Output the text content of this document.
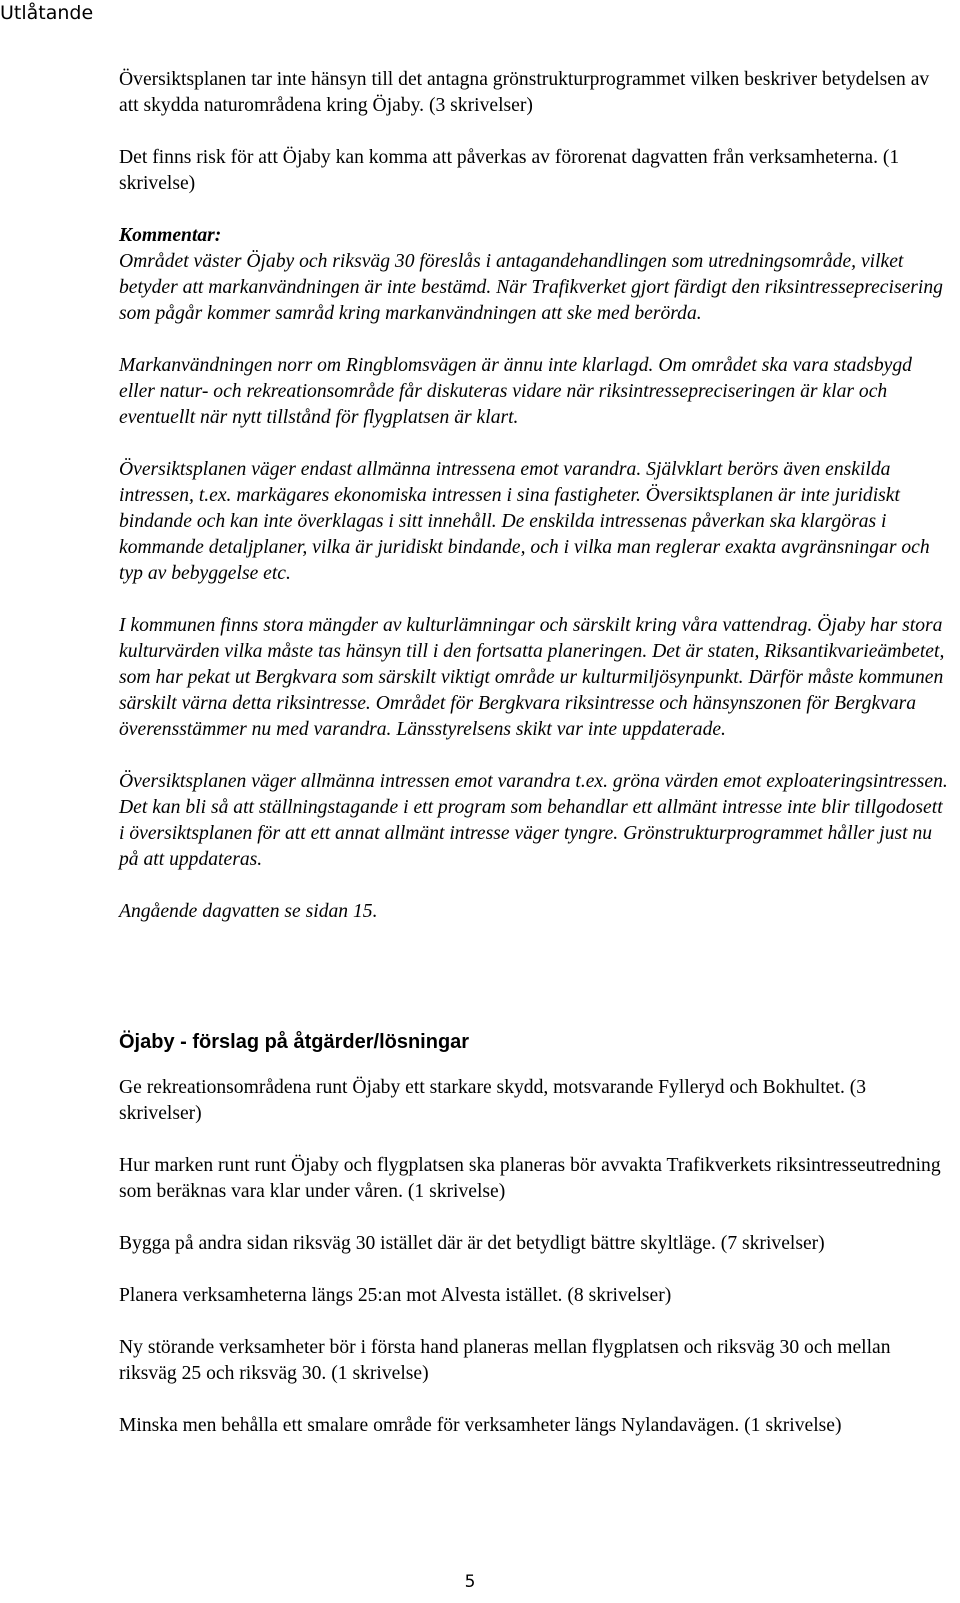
Utlåtande

Översiktsplanen tar inte hänsyn till det antagna grönstrukturprogrammet vilken beskriver betydelsen av att skydda naturområdena kring Öjaby. (3 skrivelser)

Det finns risk för att Öjaby kan komma att påverkas av förorenat dagvatten från verksamheterna. (1 skrivelse)

Kommentar:

Området väster Öjaby och riksväg 30 föreslås i antagandehandlingen som utredningsområde, vilket betyder att markanvändningen är inte bestämd. När Trafikverket gjort färdigt den riksintresseprecisering som pågår kommer samråd kring markanvändningen att ske med berörda.

Markanvändningen norr om Ringblomsvägen är ännu inte klarlagd. Om området ska vara stadsbygd eller natur- och rekreationsområde får diskuteras vidare när riksintressepreciseringen är klar och eventuellt när nytt tillstånd för flygplatsen är klart.

Översiktsplanen väger endast allmänna intressena emot varandra. Självklart berörs även enskilda intressen, t.ex. markägares ekonomiska intressen i sina fastigheter. Översiktsplanen är inte juridiskt bindande och kan inte överklagas i sitt innehåll. De enskilda intressenas påverkan ska klargöras i kommande detaljplaner, vilka är juridiskt bindande, och i vilka man reglerar exakta avgränsningar och typ av bebyggelse etc.

I kommunen finns stora mängder av kulturlämningar och särskilt kring våra vattendrag. Öjaby har stora kulturvärden vilka måste tas hänsyn till i den fortsatta planeringen. Det är staten, Riksantikvarieämbetet, som har pekat ut Bergkvara som särskilt viktigt område ur kulturmiljösynpunkt. Därför måste kommunen särskilt värna detta riksintresse. Området för Bergkvara riksintresse och hänsynszonen för Bergkvara överensstämmer nu med varandra. Länsstyrelsens skikt var inte uppdaterade.

Översiktsplanen väger allmänna intressen emot varandra t.ex. gröna värden emot exploateringsintressen. Det kan bli så att ställningstagande i ett program som behandlar ett allmänt intresse inte blir tillgodosett i översiktsplanen för att ett annat allmänt intresse väger tyngre. Grönstrukturprogrammet håller just nu på att uppdateras.

Angående dagvatten se sidan 15.

Öjaby - förslag på åtgärder/lösningar

Ge rekreationsområdena runt Öjaby ett starkare skydd, motsvarande Fylleryd och Bokhultet. (3 skrivelser)

Hur marken runt runt Öjaby och flygplatsen ska planeras bör avvakta Trafikverkets riksintresseutredning som beräknas vara klar under våren. (1 skrivelse)

Bygga på andra sidan riksväg 30 istället där är det betydligt bättre skyltläge. (7 skrivelser)

Planera verksamheterna längs 25:an mot Alvesta istället. (8 skrivelser)

Ny störande verksamheter bör i första hand planeras mellan flygplatsen och riksväg 30 och mellan riksväg 25 och riksväg 30. (1 skrivelse)

Minska men behålla ett smalare område för verksamheter längs Nylandavägen. (1 skrivelse)

5
